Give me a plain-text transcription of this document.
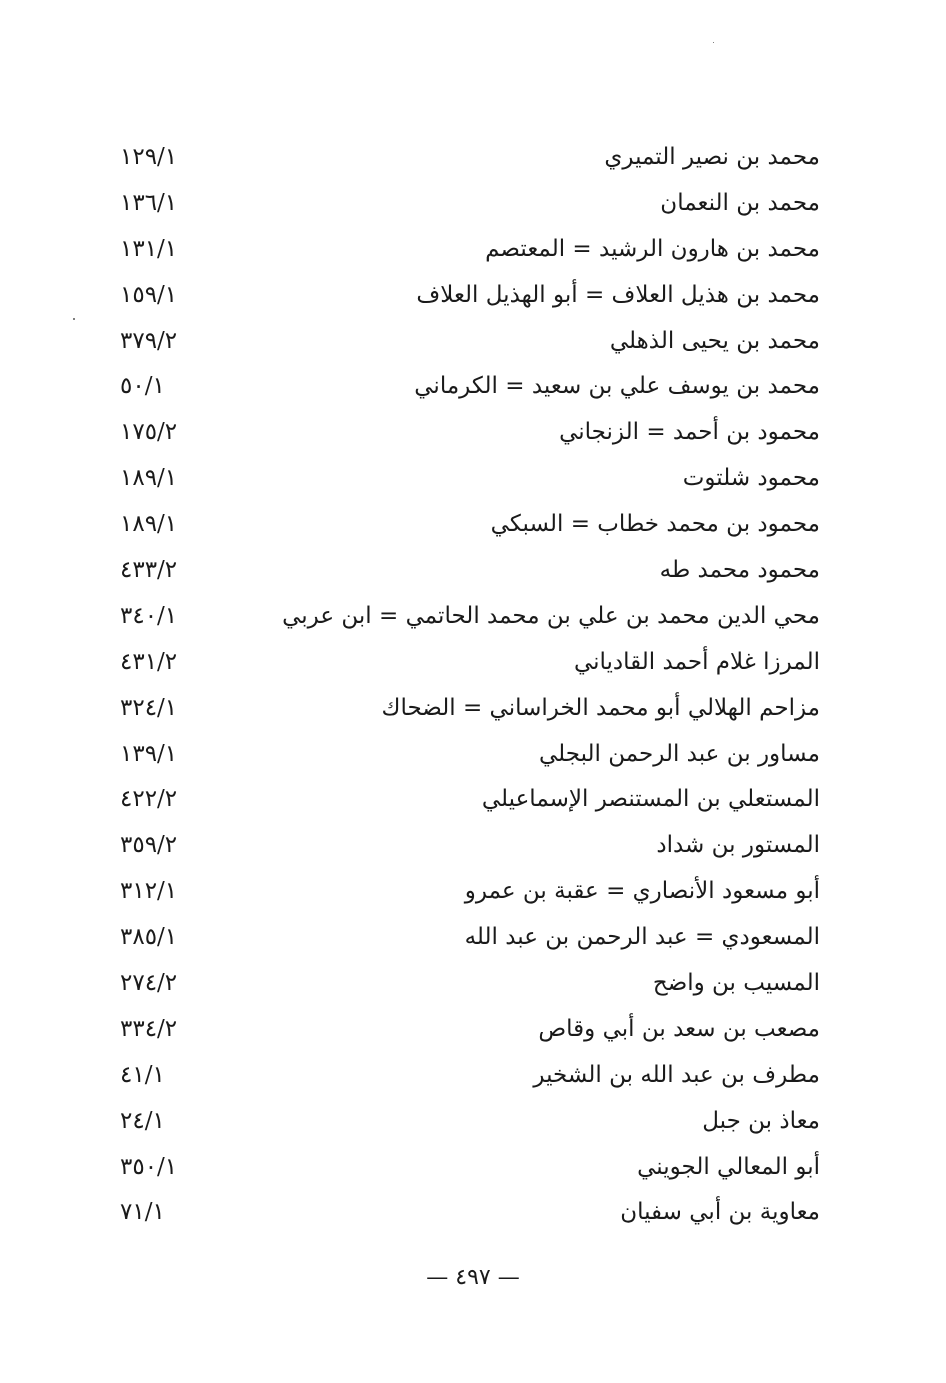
محمد بن نصير التميري
١٢٩/١
محمد بن النعمان
١٣٦/١
محمد بن هارون الرشيد = المعتصم
١٣١/١
محمد بن هذيل العلاف = أبو الهذيل العلاف
١٥٩/١
محمد بن يحيى الذهلي
٣٧٩/٢
محمد بن يوسف علي بن سعيد = الكرماني
٥٠/١
محمود بن أحمد = الزنجاني
١٧٥/٢
محمود شلتوت
١٨٩/١
محمود بن محمد خطاب = السبكي
١٨٩/١
محمود محمد طه
٤٣٣/٢
محي الدين محمد بن علي بن محمد الحاتمي = ابن عربي
٣٤٠/١
المرزا غلام أحمد القادياني
٤٣١/٢
مزاحم الهلالي أبو محمد الخراساني = الضحاك
٣٢٤/١
مساور بن عبد الرحمن البجلي
١٣٩/١
المستعلي بن المستنصر الإسماعيلي
٤٢٢/٢
المستور بن شداد
٣٥٩/٢
أبو مسعود الأنصاري = عقبة بن عمرو
٣١٢/١
المسعودي = عبد الرحمن بن عبد الله
٣٨٥/١
المسيب بن واضح
٢٧٤/٢
مصعب بن سعد بن أبي وقاص
٣٣٤/٢
مطرف بن عبد الله بن الشخير
٤١/١
معاذ بن جبل
٢٤/١
أبو المعالي الجويني
٣٥٠/١
معاوية بن أبي سفيان
٧١/١
— ٤٩٧ —
